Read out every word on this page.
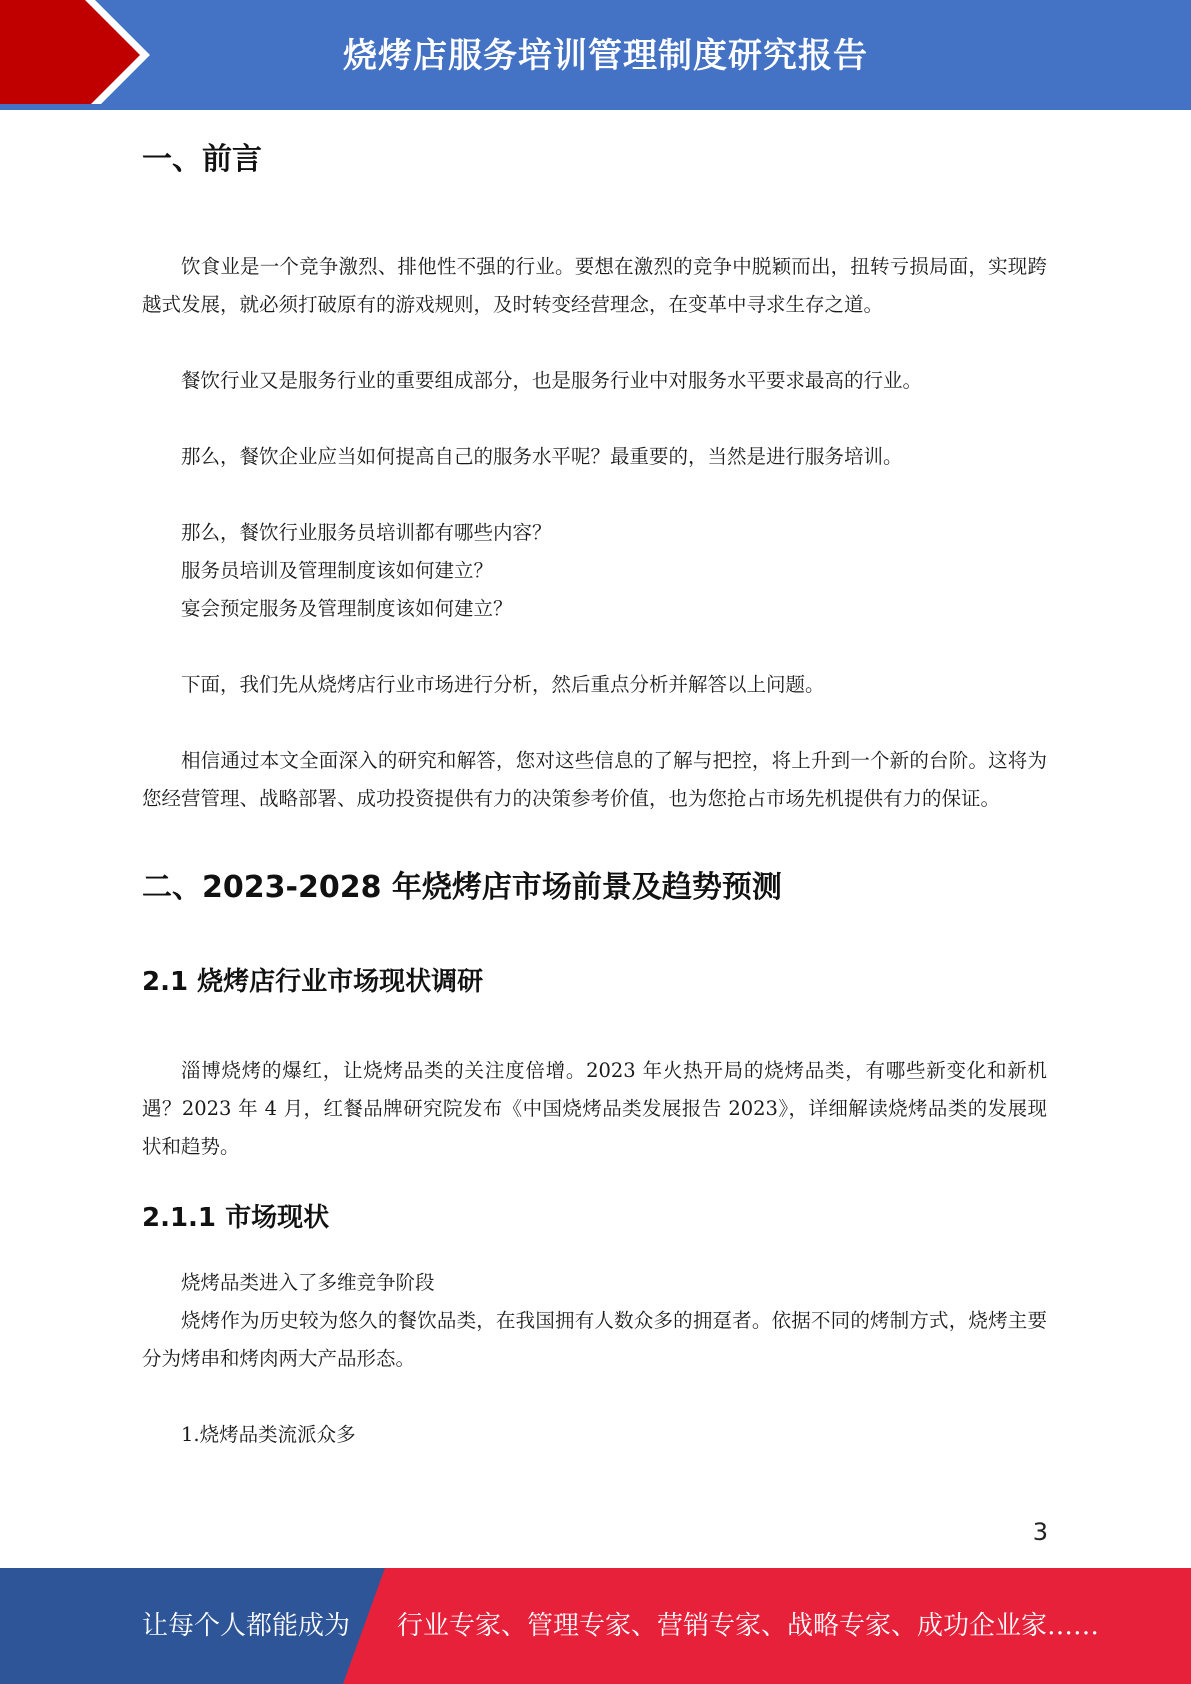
烧烤店服务培训管理制度研究报告
一、前言

饮食业是一个竞争激烈、排他性不强的行业。要想在激烈的竞争中脱颖而出，扭转亏损局面，实现跨越式发展，就必须打破原有的游戏规则，及时转变经营理念，在变革中寻求生存之道。

餐饮行业又是服务行业的重要组成部分，也是服务行业中对服务水平要求最高的行业。

那么，餐饮企业应当如何提高自己的服务水平呢？最重要的，当然是进行服务培训。

那么，餐饮行业服务员培训都有哪些内容？

服务员培训及管理制度该如何建立？

宴会预定服务及管理制度该如何建立？

下面，我们先从烧烤店行业市场进行分析，然后重点分析并解答以上问题。

相信通过本文全面深入的研究和解答，您对这些信息的了解与把控，将上升到一个新的台阶。这将为您经营管理、战略部署、成功投资提供有力的决策参考价值，也为您抢占市场先机提供有力的保证。

二、2023-2028 年烧烤店市场前景及趋势预测
2.1 烧烤店行业市场现状调研

淄博烧烤的爆红，让烧烤品类的关注度倍增。2023 年火热开局的烧烤品类，有哪些新变化和新机遇？2023 年 4 月，红餐品牌研究院发布《中国烧烤品类发展报告 2023》，详细解读烧烤品类的发展现状和趋势。

2.1.1 市场现状

烧烤品类进入了多维竞争阶段

烧烤作为历史较为悠久的餐饮品类，在我国拥有人数众多的拥趸者。依据不同的烤制方式，烧烤主要分为烤串和烤肉两大产品形态。

1.烧烤品类流派众多

3
让每个人都能成为 行业专家、管理专家、营销专家、战略专家、成功企业家……
